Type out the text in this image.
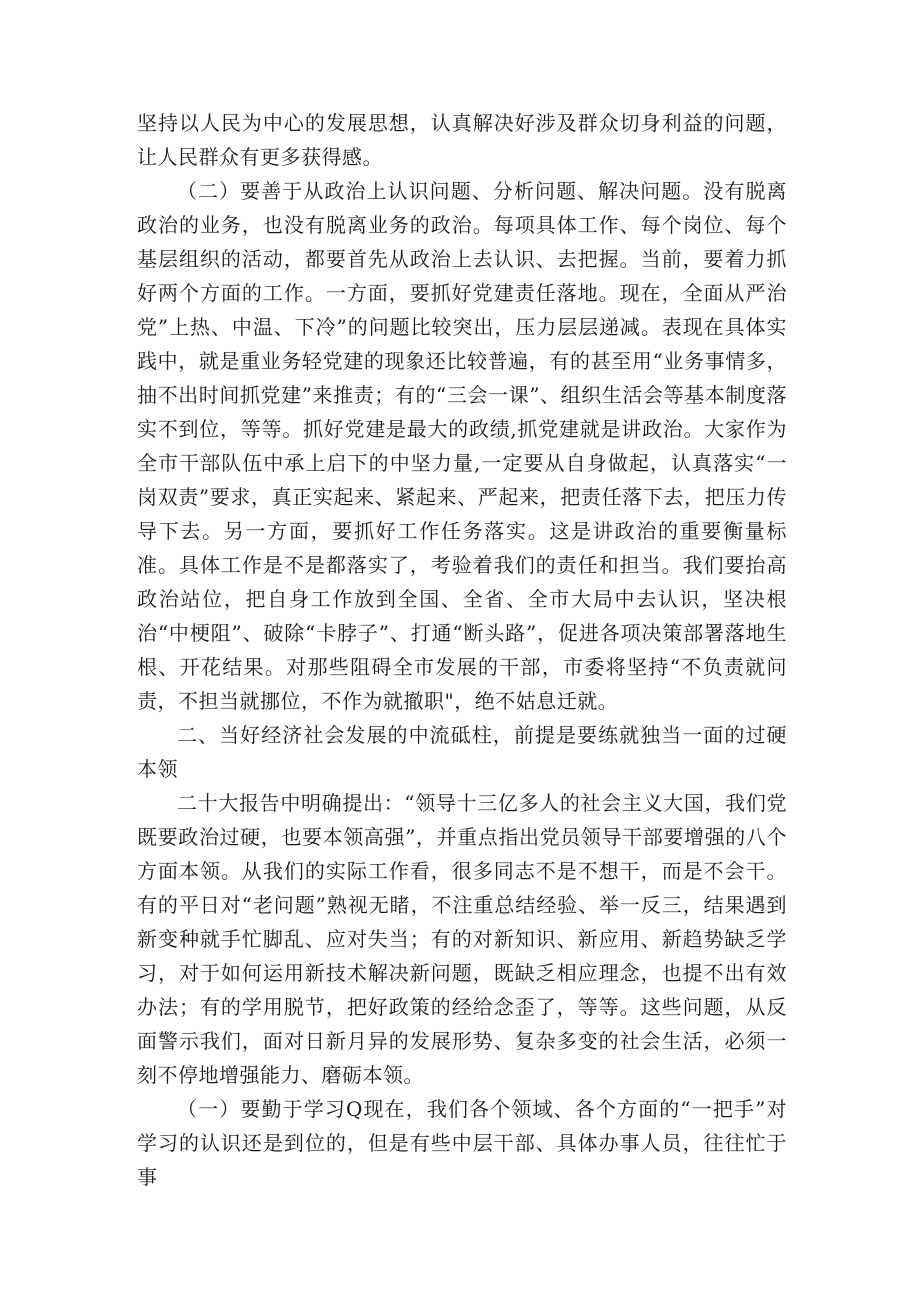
坚持以人民为中心的发展思想，认真解决好涉及群众切身利益的问题，让人民群众有更多获得感。

（二）要善于从政治上认识问题、分析问题、解决问题。没有脱离政治的业务，也没有脱离业务的政治。每项具体工作、每个岗位、每个基层组织的活动，都要首先从政治上去认识、去把握。当前，要着力抓好两个方面的工作。一方面，要抓好党建责任落地。现在，全面从严治党”上热、中温、下冷”的问题比较突出，压力层层递减。表现在具体实践中，就是重业务轻党建的现象还比较普遍，有的甚至用“业务事情多，抽不出时间抓党建”来推责；有的“三会一课”、组织生活会等基本制度落实不到位，等等。抓好党建是最大的政绩,抓党建就是讲政治。大家作为全市干部队伍中承上启下的中坚力量,一定要从自身做起，认真落实“一岗双责”要求，真正实起来、紧起来、严起来，把责任落下去，把压力传导下去。另一方面，要抓好工作任务落实。这是讲政治的重要衡量标准。具体工作是不是都落实了，考验着我们的责任和担当。我们要抬高政治站位，把自身工作放到全国、全省、全市大局中去认识，坚决根治“中梗阻”、破除“卡脖子”、打通“断头路”，促进各项决策部署落地生根、开花结果。对那些阻碍全市发展的干部，市委将坚持“不负责就问责，不担当就挪位，不作为就撤职"，绝不姑息迁就。

二、当好经济社会发展的中流砥柱，前提是要练就独当一面的过硬本领

二十大报告中明确提出：“领导十三亿多人的社会主义大国，我们党既要政治过硬，也要本领高强”，并重点指出党员领导干部要增强的八个方面本领。从我们的实际工作看，很多同志不是不想干，而是不会干。有的平日对“老问题”熟视无睹，不注重总结经验、举一反三，结果遇到新变种就手忙脚乱、应对失当；有的对新知识、新应用、新趋势缺乏学习，对于如何运用新技术解决新问题，既缺乏相应理念，也提不出有效办法；有的学用脱节，把好政策的经给念歪了，等等。这些问题，从反面警示我们，面对日新月异的发展形势、复杂多变的社会生活，必须一刻不停地增强能力、磨砺本领。

（一）要勤于学习Q现在，我们各个领域、各个方面的“一把手”对学习的认识还是到位的，但是有些中层干部、具体办事人员，往往忙于事
